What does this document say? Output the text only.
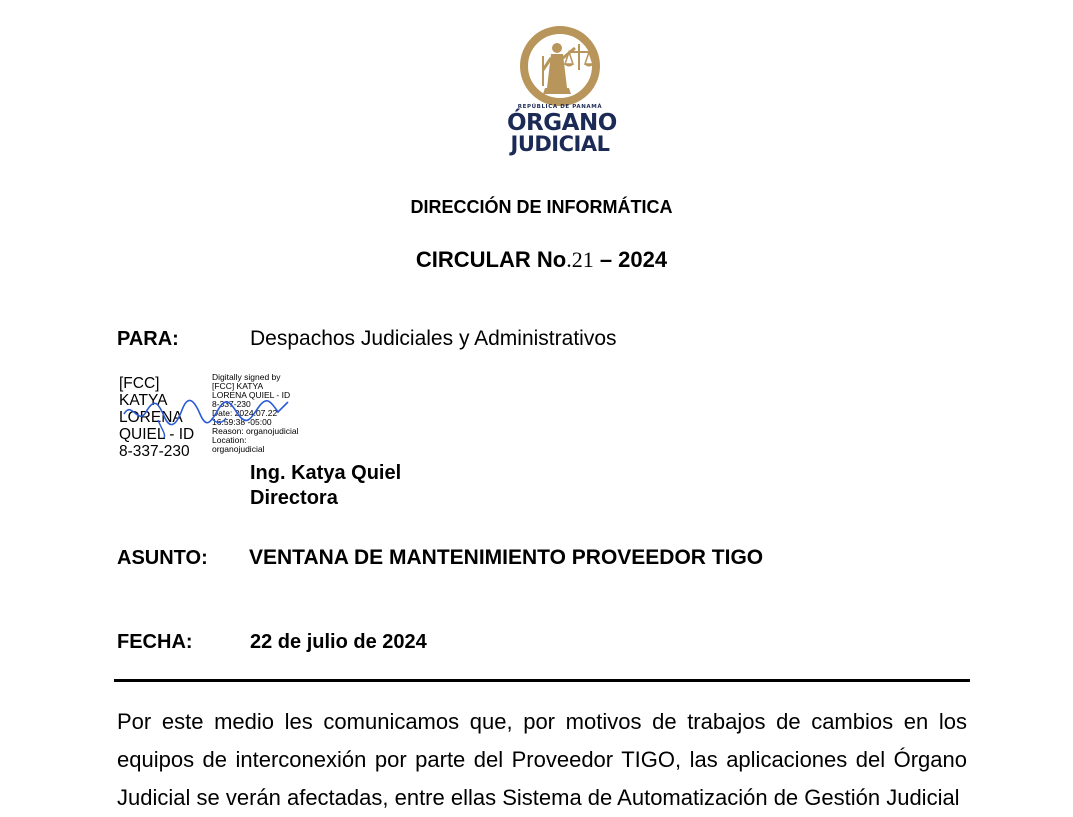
REPÚBLICA DE PANAMÁ
ÓRGANO
JUDICIAL
DIRECCIÓN DE INFORMÁTICA
CIRCULAR No.21 – 2024
PARA:	Despachos Judiciales y Administrativos
[FCC]
KATYA
LORENA
QUIEL - ID
8-337-230
Digitally signed by
[FCC] KATYA
LORENA QUIEL - ID
8-337-230
Date: 2024.07.22
16:59:38 -05:00
Reason: organojudicial
Location:
organojudicial
Ing. Katya Quiel
Directora
ASUNTO: VENTANA DE MANTENIMIENTO PROVEEDOR TIGO
FECHA:	22 de julio de 2024
Por este medio les comunicamos que, por motivos de trabajos de cambios en los equipos de interconexión por parte del Proveedor TIGO, las aplicaciones del Órgano Judicial se verán afectadas, entre ellas Sistema de Automatización de Gestión Judicial
